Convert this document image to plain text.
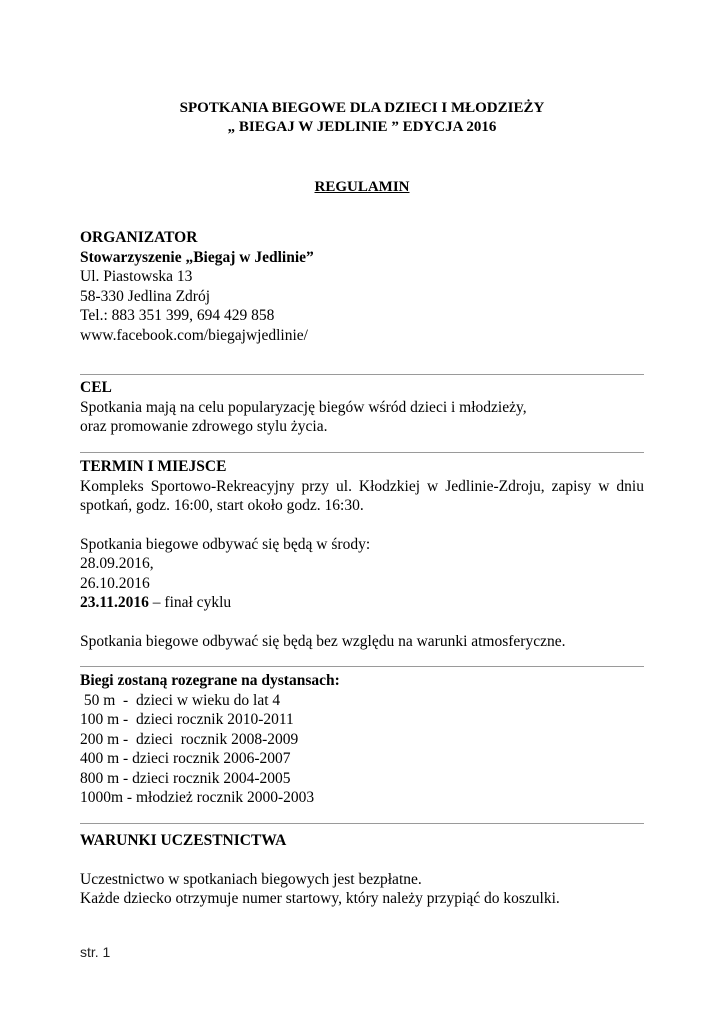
SPOTKANIA BIEGOWE DLA DZIECI I MŁODZIEŻY
„ BIEGAJ W JEDLINIE ” EDYCJA 2016
REGULAMIN
ORGANIZATOR
Stowarzyszenie „Biegaj w Jedlinie”
Ul. Piastowska 13
58-330 Jedlina Zdrój
Tel.: 883 351 399, 694 429 858
www.facebook.com/biegajwjedlinie/
CEL
Spotkania mają na celu popularyzację biegów wśród dzieci i młodzieży,
oraz promowanie zdrowego stylu życia.
TERMIN I MIEJSCE
Kompleks Sportowo-Rekreacyjny przy ul. Kłodzkiej w Jedlinie-Zdroju, zapisy w dniu spotkań, godz. 16:00, start około godz. 16:30.
Spotkania biegowe odbywać się będą w środy:
28.09.2016,
26.10.2016
23.11.2016 – finał cyklu
Spotkania biegowe odbywać się będą bez względu na warunki atmosferyczne.
Biegi zostaną rozegrane na dystansach:
50 m  -  dzieci w wieku do lat 4
100 m -  dzieci rocznik 2010-2011
200 m -  dzieci  rocznik 2008-2009
400 m - dzieci rocznik 2006-2007
800 m - dzieci rocznik 2004-2005
1000m - młodzież rocznik 2000-2003
WARUNKI UCZESTNICTWA
Uczestnictwo w spotkaniach biegowych jest bezpłatne.
Każde dziecko otrzymuje numer startowy, który należy przypiąć do koszulki.
str. 1
